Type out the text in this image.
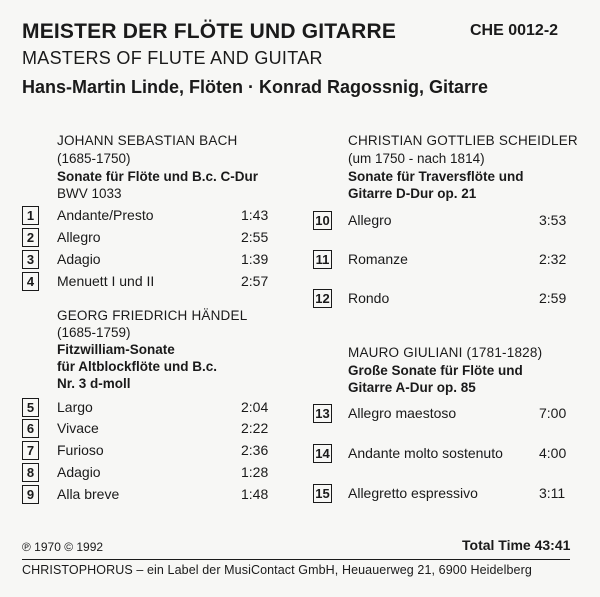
MEISTER DER FLÖTE UND GITARRE	CHE 0012-2
MASTERS OF FLUTE AND GUITAR
Hans-Martin Linde, Flöten · Konrad Ragossnig, Gitarre
JOHANN SEBASTIAN BACH
(1685-1750)
Sonate für Flöte und B.c. C-Dur
BWV 1033
1	Andante/Presto	1:43
2	Allegro	2:55
3	Adagio	1:39
4	Menuett I und II	2:57
GEORG FRIEDRICH HÄNDEL
(1685-1759)
Fitzwilliam-Sonate
für Altblockflöte und B.c.
Nr. 3 d-moll
5	Largo	2:04
6	Vivace	2:22
7	Furioso	2:36
8	Adagio	1:28
9	Alla breve	1:48
CHRISTIAN GOTTLIEB SCHEIDLER
(um 1750 - nach 1814)
Sonate für Traversflöte und
Gitarre D-Dur op. 21
10 Allegro	3:53
11 Romanze	2:32
12 Rondo	2:59
MAURO GIULIANI (1781-1828)
Große Sonate für Flöte und
Gitarre A-Dur op. 85
13 Allegro maestoso	7:00
14 Andante molto sostenuto	4:00
15 Allegretto espressivo	3:11
℗ 1970 © 1992	Total Time 43:41
CHRISTOPHORUS – ein Label der MusiContact GmbH, Heuauerweg 21, 6900 Heidelberg
